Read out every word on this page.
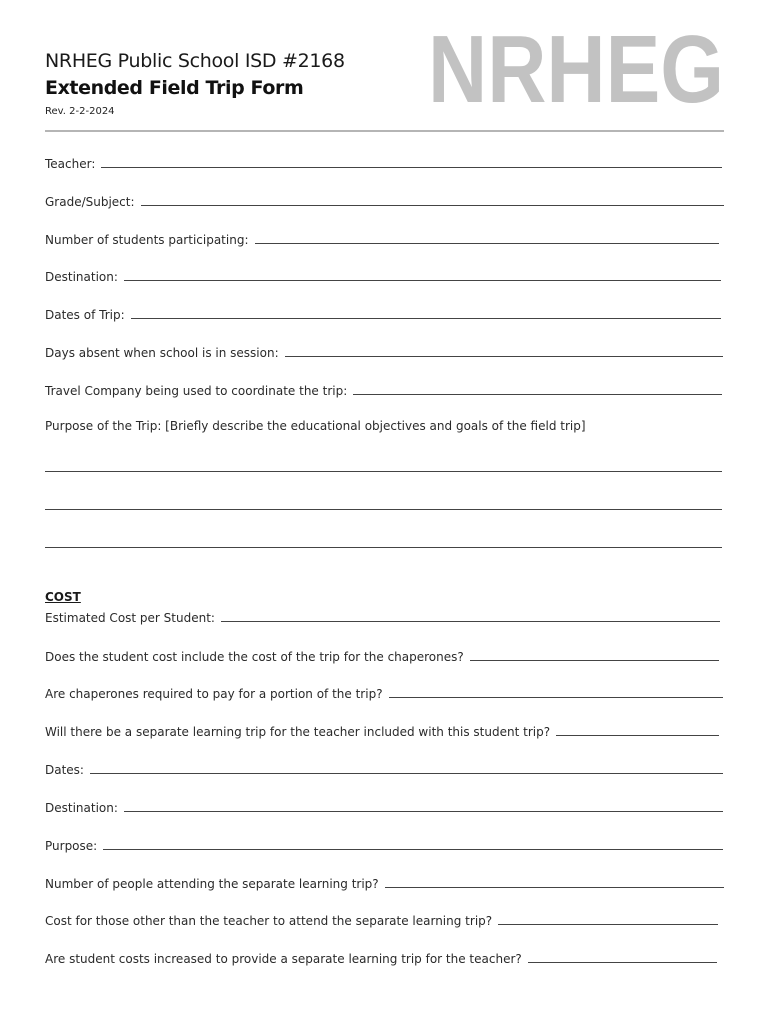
NRHEG
NRHEG Public School ISD #2168
Extended Field Trip Form
Rev. 2-2-2024
Teacher:
Grade/Subject:
Number of students participating:
Destination:
Dates of Trip:
Days absent when school is in session:
Travel Company being used to coordinate the trip:
Purpose of the Trip: [Briefly describe the educational objectives and goals of the field trip]
COST
Estimated Cost per Student:
Does the student cost include the cost of the trip for the chaperones?
Are chaperones required to pay for a portion of the trip?
Will there be a separate learning trip for the teacher included with this student trip?
Dates:
Destination:
Purpose:
Number of people attending the separate learning trip?
Cost for those other than the teacher to attend the separate learning trip?
Are student costs increased to provide a separate learning trip for the teacher?
